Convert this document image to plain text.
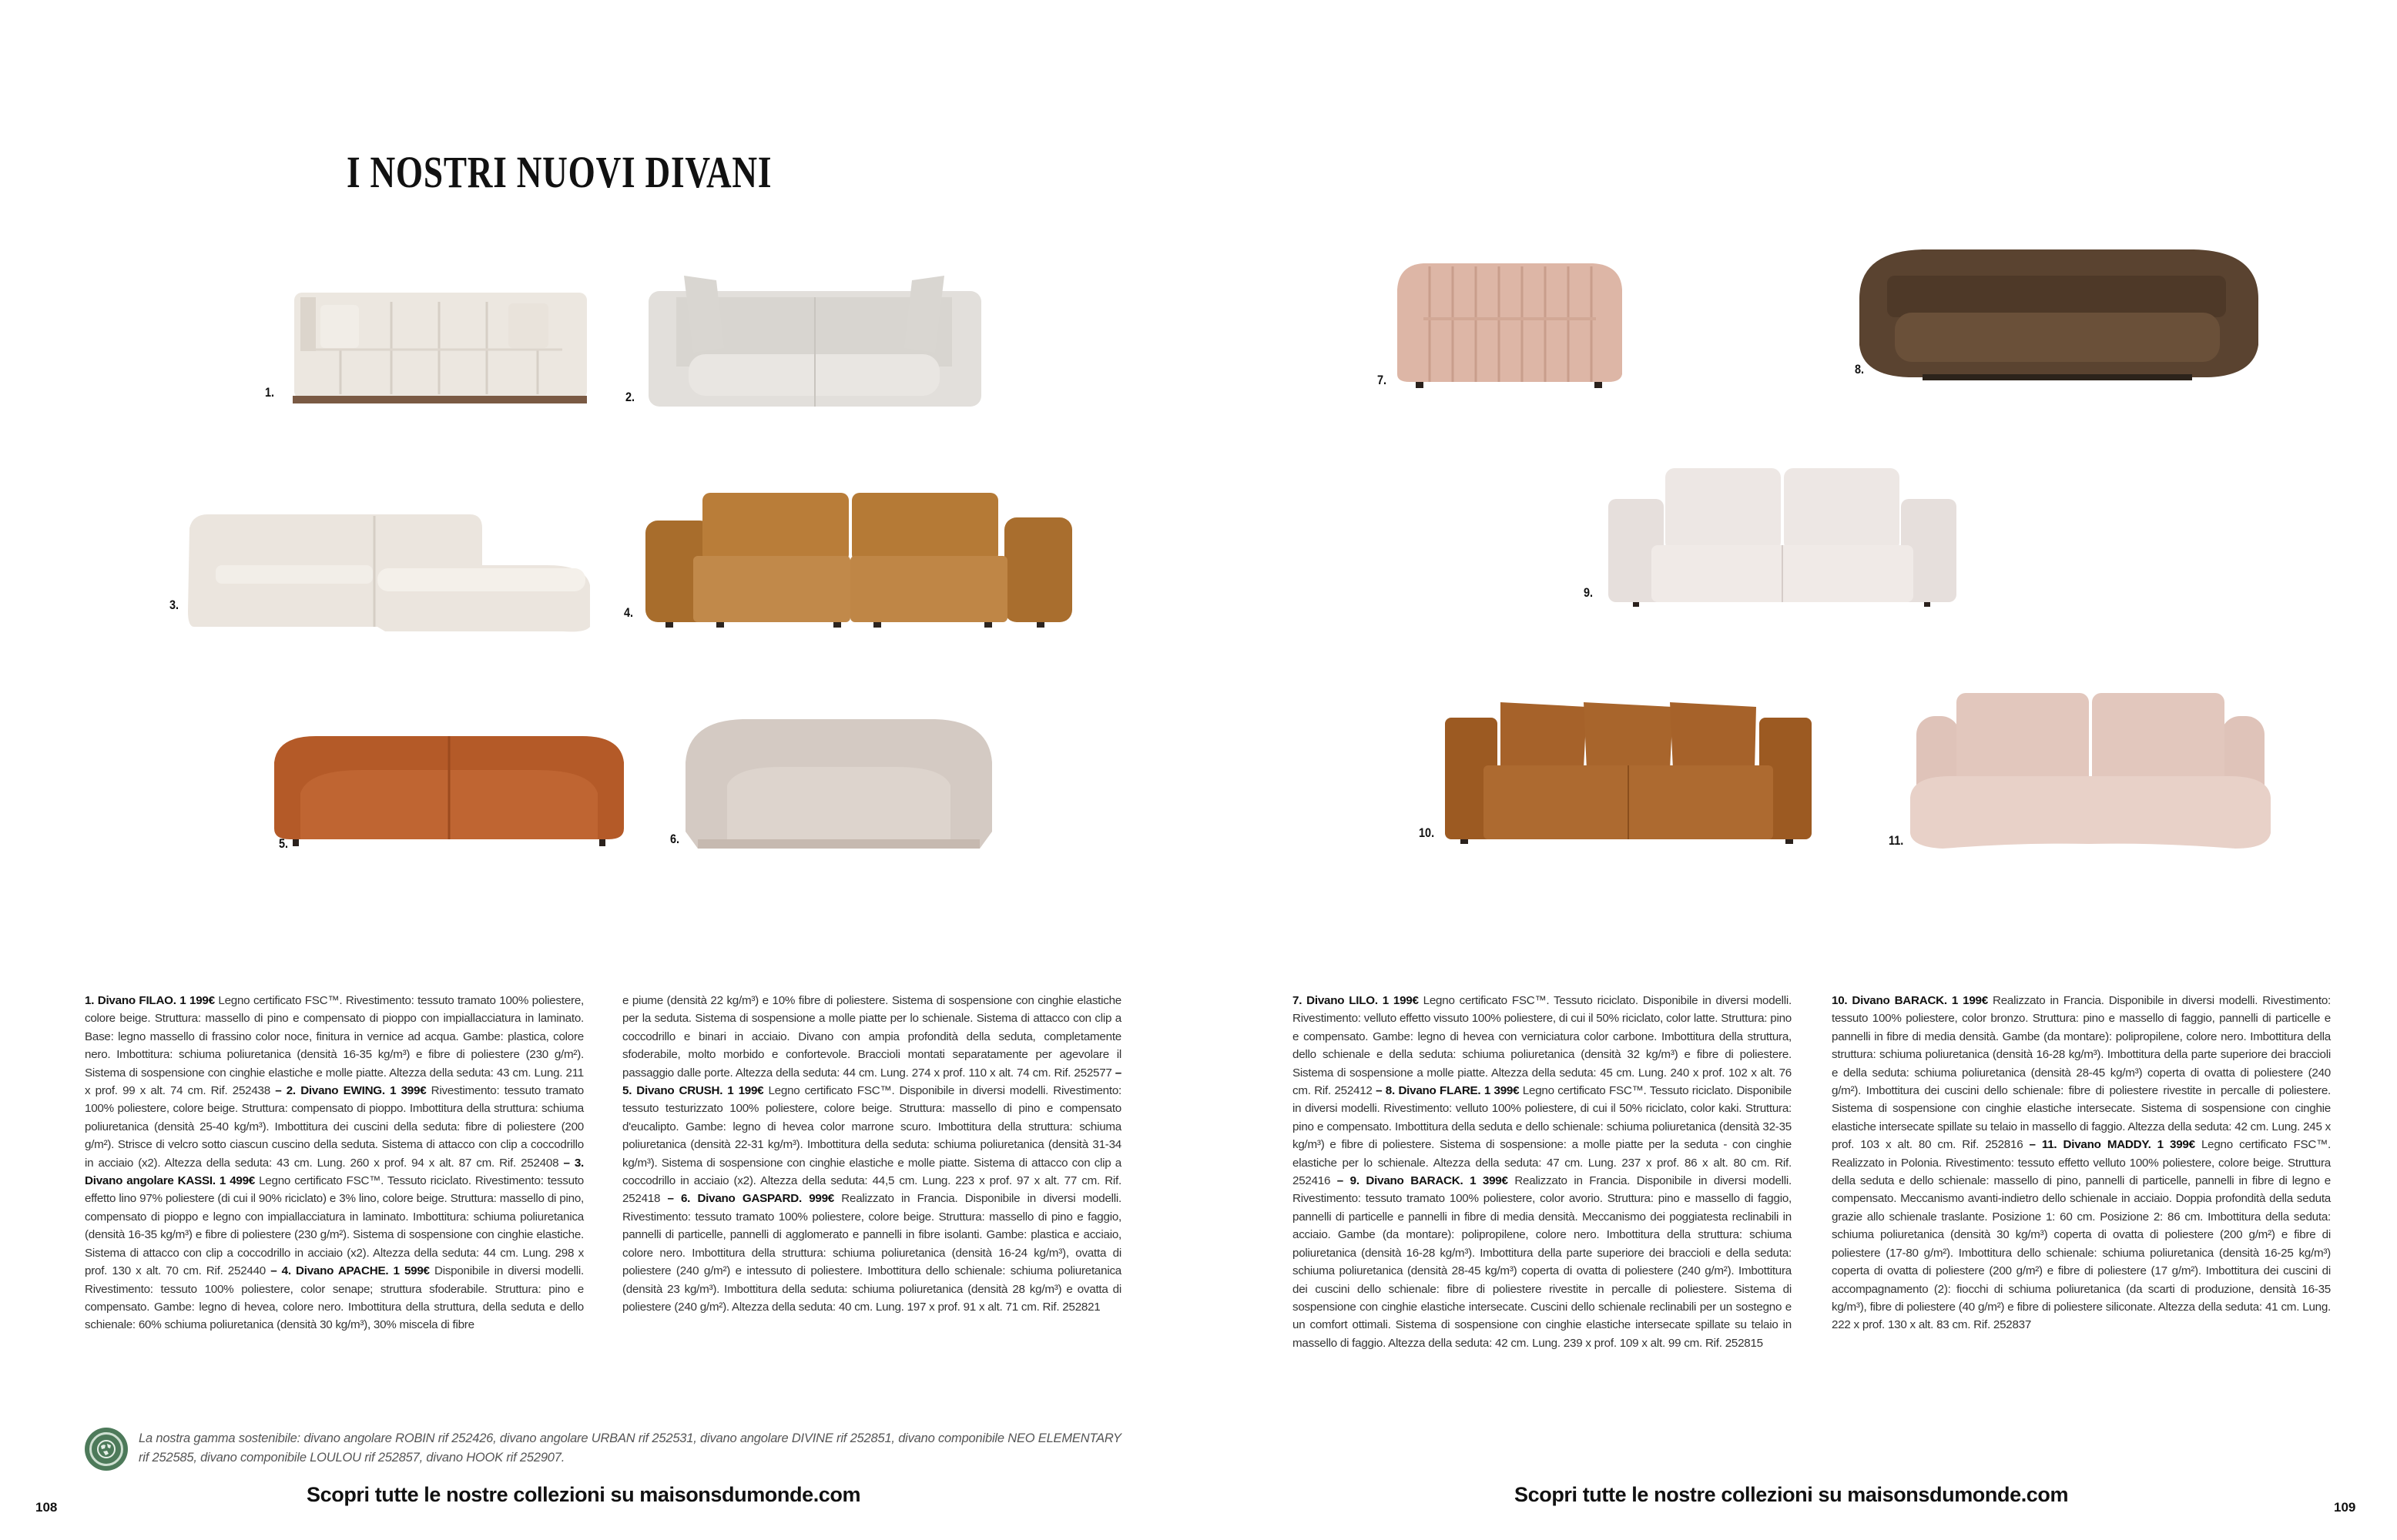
I NOSTRI NUOVI DIVANI
1.	2.
3.
4.
5.	6.
1. Divano FILAO. 1 199€ Legno certificato FSC™. Rivestimento: tessuto tramato 100% poliestere, colore beige. Struttura: massello di pino e compensato di pioppo con impiallacciatura in laminato. Base: legno massello di frassino color noce, finitura in vernice ad acqua. Gambe: plastica, colore nero. Imbottitura: schiuma poliuretanica (densità 16-35 kg/m³) e fibre di poliestere (230 g/m²). Sistema di sospensione con cinghie elastiche e molle piatte. Altezza della seduta: 43 cm. Lung. 211 x prof. 99 x alt. 74 cm. Rif. 252438 – 2. Divano EWING. 1 399€ Rivestimento: tessuto tramato 100% poliestere, colore beige. Struttura: compensato di pioppo. Imbottitura della struttura: schiuma poliuretanica (densità 25-40 kg/m³). Imbottitura dei cuscini della seduta: fibre di poliestere (200 g/m²). Strisce di velcro sotto ciascun cuscino della seduta. Sistema di attacco con clip a coccodrillo in acciaio (x2). Altezza della seduta: 43 cm. Lung. 260 x prof. 94 x alt. 87 cm. Rif. 252408 – 3. Divano angolare KASSI. 1 499€ Legno certificato FSC™. Tessuto riciclato. Rivestimento: tessuto effetto lino 97% poliestere (di cui il 90% riciclato) e 3% lino, colore beige. Struttura: massello di pino, compensato di pioppo e legno con impiallacciatura in laminato. Imbottitura: schiuma poliuretanica (densità 16-35 kg/m³) e fibre di poliestere (230 g/m²). Sistema di sospensione con cinghie elastiche. Sistema di attacco con clip a coccodrillo in acciaio (x2). Altezza della seduta: 44 cm. Lung. 298 x prof. 130 x alt. 70 cm. Rif. 252440 – 4. Divano APACHE. 1 599€ Disponibile in diversi modelli. Rivestimento: tessuto 100% poliestere, color senape; struttura sfoderabile. Struttura: pino e compensato. Gambe: legno di hevea, colore nero. Imbottitura della struttura, della seduta e dello schienale: 60% schiuma poliuretanica (densità 30 kg/m³), 30% miscela di fibre
e piume (densità 22 kg/m³) e 10% fibre di poliestere. Sistema di sospensione con cinghie elastiche per la seduta. Sistema di sospensione a molle piatte per lo schienale. Sistema di attacco con clip a coccodrillo e binari in acciaio. Divano con ampia profondità della seduta, completamente sfoderabile, molto morbido e confortevole. Braccioli montati separatamente per agevolare il passaggio dalle porte. Altezza della seduta: 44 cm. Lung. 274 x prof. 110 x alt. 74 cm. Rif. 252577 – 5. Divano CRUSH. 1 199€ Legno certificato FSC™. Disponibile in diversi modelli. Rivestimento: tessuto testurizzato 100% poliestere, colore beige. Struttura: massello di pino e compensato d'eucalipto. Gambe: legno di hevea color marrone scuro. Imbottitura della struttura: schiuma poliuretanica (densità 22-31 kg/m³). Imbottitura della seduta: schiuma poliuretanica (densità 31-34 kg/m³). Sistema di sospensione con cinghie elastiche e molle piatte. Sistema di attacco con clip a coccodrillo in acciaio (x2). Altezza della seduta: 44,5 cm. Lung. 223 x prof. 97 x alt. 77 cm. Rif. 252418 – 6. Divano GASPARD. 999€ Realizzato in Francia. Disponibile in diversi modelli. Rivestimento: tessuto tramato 100% poliestere, colore beige. Struttura: massello di pino e faggio, pannelli di particelle, pannelli di agglomerato e pannelli in fibre isolanti. Gambe: plastica e acciaio, colore nero. Imbottitura della struttura: schiuma poliuretanica (densità 16-24 kg/m³), ovatta di poliestere (240 g/m²) e intessuto di poliestere. Imbottitura dello schienale: schiuma poliuretanica (densità 23 kg/m³). Imbottitura della seduta: schiuma poliuretanica (densità 28 kg/m³) e ovatta di poliestere (240 g/m²). Altezza della seduta: 40 cm. Lung. 197 x prof. 91 x alt. 71 cm. Rif. 252821

La nostra gamma sostenibile: divano angolare ROBIN rif 252426, divano angolare URBAN rif 252531, divano angolare DIVINE rif 252851, divano componibile NEO ELEMENTARY rif 252585, divano componibile LOULOU rif 252857, divano HOOK rif 252907.

Scopri tutte le nostre collezioni su maisonsdumonde.com
108
7.
8.
9.
10.
11.
7. Divano LILO. 1 199€ Legno certificato FSC™. Tessuto riciclato. Disponibile in diversi modelli. Rivestimento: velluto effetto vissuto 100% poliestere, di cui il 50% riciclato, color latte. Struttura: pino e compensato. Gambe: legno di hevea con verniciatura color carbone. Imbottitura della struttura, dello schienale e della seduta: schiuma poliuretanica (densità 32 kg/m³) e fibre di poliestere. Sistema di sospensione a molle piatte. Altezza della seduta: 45 cm. Lung. 240 x prof. 102 x alt. 76 cm. Rif. 252412 – 8. Divano FLARE. 1 399€ Legno certificato FSC™. Tessuto riciclato. Disponibile in diversi modelli. Rivestimento: velluto 100% poliestere, di cui il 50% riciclato, color kaki. Struttura: pino e compensato. Imbottitura della seduta e dello schienale: schiuma poliuretanica (densità 32-35 kg/m³) e fibre di poliestere. Sistema di sospensione: a molle piatte per la seduta - con cinghie elastiche per lo schienale. Altezza della seduta: 47 cm. Lung. 237 x prof. 86 x alt. 80 cm. Rif. 252416 – 9. Divano BARACK. 1 399€ Realizzato in Francia. Disponibile in diversi modelli. Rivestimento: tessuto tramato 100% poliestere, color avorio. Struttura: pino e massello di faggio, pannelli di particelle e pannelli in fibre di media densità. Meccanismo dei poggiatesta reclinabili in acciaio. Gambe (da montare): polipropilene, colore nero. Imbottitura della struttura: schiuma poliuretanica (densità 16-28 kg/m³). Imbottitura della parte superiore dei braccioli e della seduta: schiuma poliuretanica (densità 28-45 kg/m³) coperta di ovatta di poliestere (240 g/m²). Imbottitura dei cuscini dello schienale: fibre di poliestere rivestite in percalle di poliestere. Sistema di sospensione con cinghie elastiche intersecate. Cuscini dello schienale reclinabili per un sostegno e un comfort ottimali. Sistema di sospensione con cinghie elastiche intersecate spillate su telaio in massello di faggio. Altezza della seduta: 42 cm. Lung. 239 x prof. 109 x alt. 99 cm. Rif. 252815
10. Divano BARACK. 1 199€ Realizzato in Francia. Disponibile in diversi modelli. Rivestimento: tessuto 100% poliestere, color bronzo. Struttura: pino e massello di faggio, pannelli di particelle e pannelli in fibre di media densità. Gambe (da montare): polipropilene, colore nero. Imbottitura della struttura: schiuma poliuretanica (densità 16-28 kg/m³). Imbottitura della parte superiore dei braccioli e della seduta: schiuma poliuretanica (densità 28-45 kg/m³) coperta di ovatta di poliestere (240 g/m²). Imbottitura dei cuscini dello schienale: fibre di poliestere rivestite in percalle di poliestere. Sistema di sospensione con cinghie elastiche intersecate. Sistema di sospensione con cinghie elastiche intersecate spillate su telaio in massello di faggio. Altezza della seduta: 42 cm. Lung. 245 x prof. 103 x alt. 80 cm. Rif. 252816 – 11. Divano MADDY. 1 399€ Legno certificato FSC™. Realizzato in Polonia. Rivestimento: tessuto effetto velluto 100% poliestere, colore beige. Struttura della seduta e dello schienale: massello di pino, pannelli di particelle, pannelli in fibre di legno e compensato. Meccanismo avanti-indietro dello schienale in acciaio. Doppia profondità della seduta grazie allo schienale traslante. Posizione 1: 60 cm. Posizione 2: 86 cm. Imbottitura della seduta: schiuma poliuretanica (densità 30 kg/m³) coperta di ovatta di poliestere (200 g/m²) e fibre di poliestere (17-80 g/m²). Imbottitura dello schienale: schiuma poliuretanica (densità 16-25 kg/m³) coperta di ovatta di poliestere (200 g/m²) e fibre di poliestere (17 g/m²). Imbottitura dei cuscini di accompagnamento (2): fiocchi di schiuma poliuretanica (da scarti di produzione, densità 16-35 kg/m³), fibre di poliestere (40 g/m²) e fibre di poliestere siliconate. Altezza della seduta: 41 cm. Lung. 222 x prof. 130 x alt. 83 cm. Rif. 252837
Scopri tutte le nostre collezioni su maisonsdumonde.com
109
